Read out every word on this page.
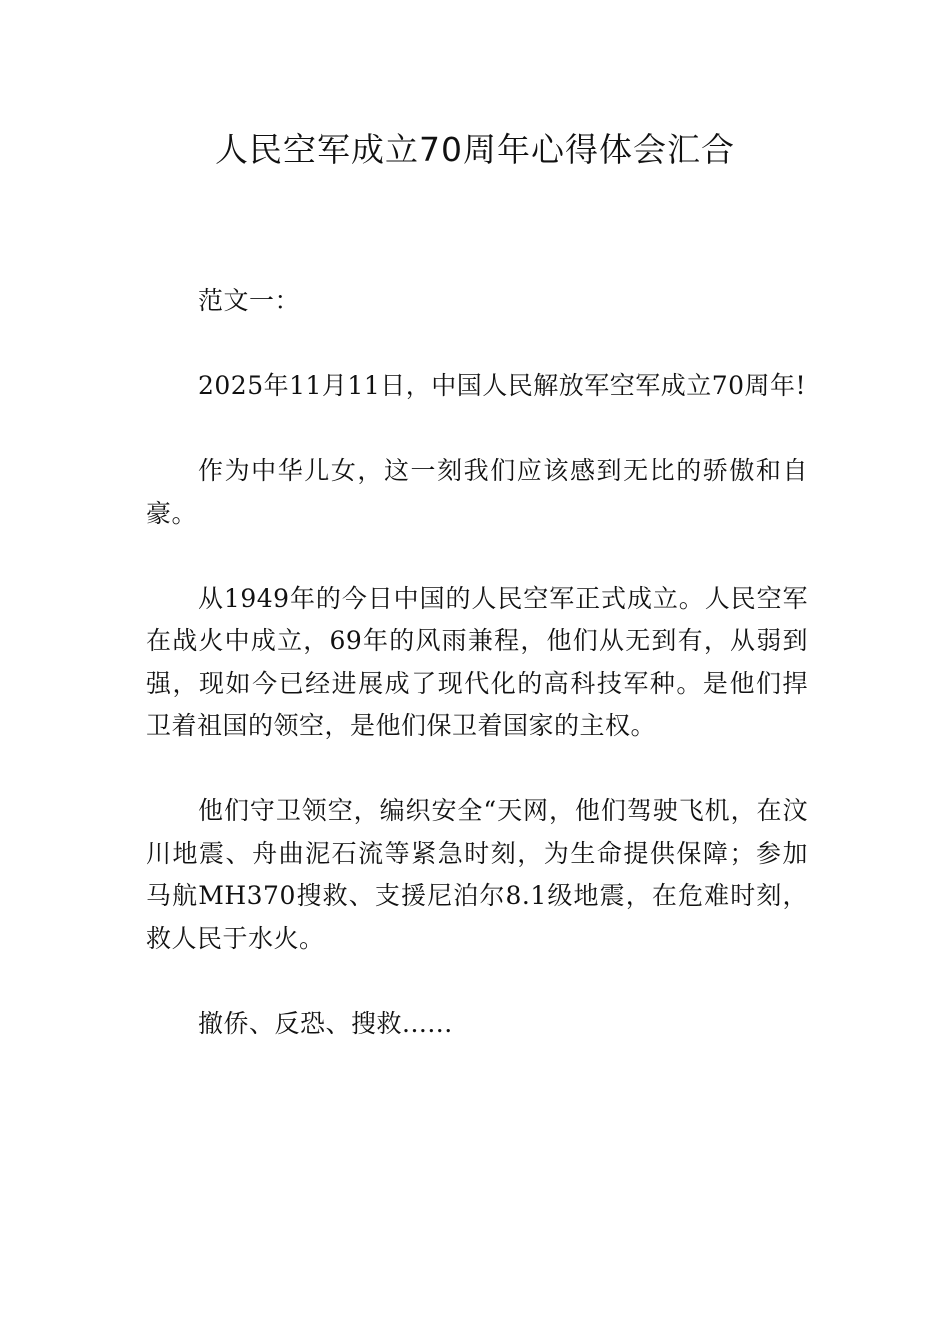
人民空军成立70周年心得体会汇合

范文一：

2025年11月11日，中国人民解放军空军成立70周年!

作为中华儿女，这一刻我们应该感到无比的骄傲和自豪。

从1949年的今日中国的人民空军正式成立。人民空军在战火中成立，69年的风雨兼程，他们从无到有，从弱到强，现如今已经进展成了现代化的高科技军种。是他们捍卫着祖国的领空，是他们保卫着国家的主权。

他们守卫领空，编织安全“天网，他们驾驶飞机，在汶川地震、舟曲泥石流等紧急时刻，为生命提供保障；参加马航MH370搜救、支援尼泊尔8.1级地震，在危难时刻，救人民于水火。

撤侨、反恐、搜救......
